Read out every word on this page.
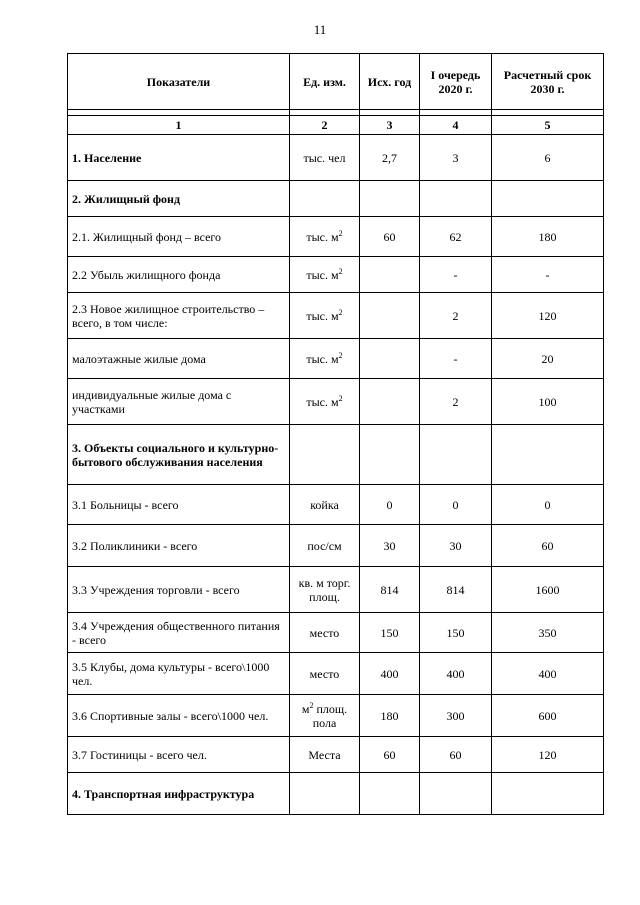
11
Показатели	Ед. изм.	Исх. год	I очередь 2020 г.	Расчетный срок 2030 г.

1	2	3	4	5
1. Население	тыс. чел	2,7	3	6
2. Жилищный фонд				
2.1. Жилищный фонд – всего	тыс. $м^2$	60	62	180
2.2 Убыль жилищного фонда	тыс. $м^2$		-	-
2.3 Новое жилищное строительство – всего, в том числе:	тыс. $м^2$		2	120
малоэтажные жилые дома	тыс. $м^2$		-	20
индивидуальные жилые дома с участками	тыс. $м^2$		2	100
3. Объекты социального и культурно-бытового обслуживания населения				
3.1 Больницы - всего	койка	0	0	0
3.2 Поликлиники - всего	пос/см	30	30	60
3.3 Учреждения торговли - всего	кв. м торг. площ.	814	814	1600
3.4 Учреждения общественного питания - всего	место	150	150	350
3.5 Клубы, дома культуры - всего\1000 чел.	место	400	400	400
3.6 Спортивные залы - всего\1000 чел.	$м^2$ площ. пола	180	300	600
3.7 Гостиницы - всего чел.	Места	60	60	120
4. Транспортная инфраструктура				
